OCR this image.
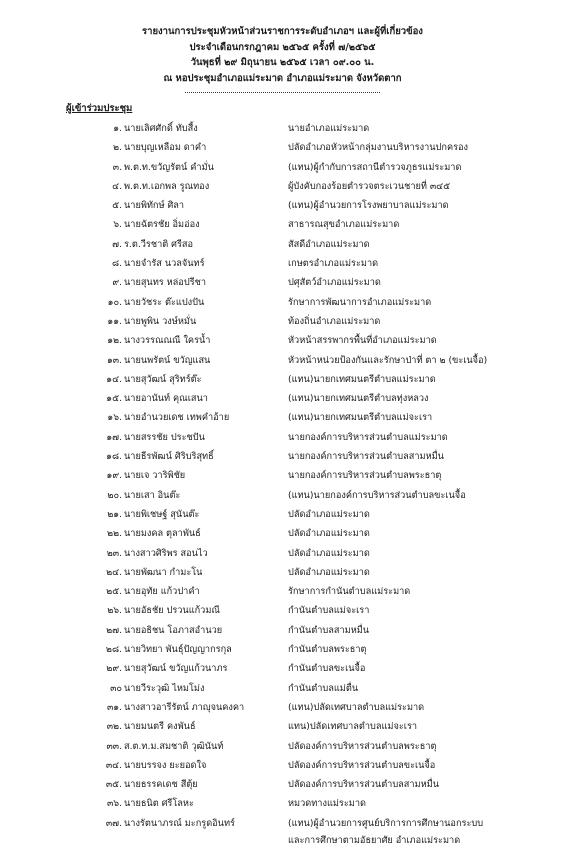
รายงานการประชุมหัวหน้าส่วนราชการระดับอำเภอฯ และผู้ที่เกี่ยวข้อง
ประจำเดือนกรกฎาคม ๒๕๖๕ ครั้งที่ ๗/๒๕๖๕
วันพุธที่ ๒๙ มิถุนายน ๒๕๖๕ เวลา ๐๙.๐๐ น.
ณ หอประชุมอำเภอแม่ระมาด อำเภอแม่ระมาด จังหวัดตาก
ผู้เข้าร่วมประชุม
๑. นายเลิศศักดิ์ ทับสี้ง	นายอำเภอแม่ระมาด
๒. นายบุญเหลือม ดาคำ	ปลัดอำเภอหัวหน้ากลุ่มงานบริหารงานปกครอง
๓. พ.ต.ท.ขวัญรัตน์ คำมั่น	(แทน)ผู้กำกับการสถานีตำรวจภูธรแม่ระมาด
๔. พ.ต.ท.เอกพล รูณทอง	ผู้บังคับกองร้อยตำรวจตระเวนชายที่ ๓๔๕
๕. นายพิทักษ์ ศิลา	(แทน)ผู้อำนวยการโรงพยาบาลแม่ระมาด
๖. นายฉัตรชัย อิ่มอ่อง	สาธารณสุขอำเภอแม่ระมาด
๗. ร.ต.วีรชาติ ศรีสอ	สัสดีอำเภอแม่ระมาด
๘. นายจำรัส นวลจันทร์	เกษตรอำเภอแม่ระมาด
๙. นายสุนทร หล่อปรีชา	ปศุสัตว์อำเภอแม่ระมาด
๑๐. นายวัชระ ต๊ะแปงปัน	รักษาการพัฒนาการอำเภอแม่ระมาด
๑๑. นายพูพิน วงษ์หมั่น	ท้องถิ่นอำเภอแม่ระมาด
๑๒. นางวรรณณณี ใครน้ำ	หัวหน้าสรรพากรพื้นที่อำเภอแม่ระมาด
๑๓. นายนพรัตน์ ขวัญแสน	หัวหน้าหน่วยป้องกันและรักษาป่าที่ ตา ๒ (ขะเนจื้อ)
๑๔. นายสุวัฒน์ สุริทร์ต๊ะ	(แทน)นายกเทศมนตรีตำบลแม่ระมาด
๑๕. นายอานันท์ คุณเสนา	(แทน)นายกเทศมนตรีตำบลทุ่งหลวง
๑๖. นายอำนวยเดช เทพคำอ้าย	(แทน)นายกเทศมนตรีตำบลแม่จะเรา
๑๗. นายสรรชัย ประชปัน	นายกองค์การบริหารส่วนตำบลแม่ระมาด
๑๘. นายธีรพัฒน์ ศิริบริสุทธิ์	นายกองค์การบริหารส่วนตำบลสามหมื่น
๑๙. นายเจ วาริพิชัย	นายกองค์การบริหารส่วนตำบลพระธาตุ
๒๐. นายเสา อินต๊ะ	(แทน)นายกองค์การบริหารส่วนตำบลขะเนจื้อ
๒๑. นายพิเชษฐ์ สุนันต๊ะ	ปลัดอำเภอแม่ระมาด
๒๒. นายมงคล ตุลาพันธ์	ปลัดอำเภอแม่ระมาด
๒๓. นางสาวศิริพร สอนไว	ปลัดอำเภอแม่ระมาด
๒๔. นายพัฒนา กำมะโน	ปลัดอำเภอแม่ระมาด
๒๕. นายอุทัย แก้วปาคำ	รักษาการกำนันตำบลแม่ระมาด
๒๖. นายอัธชัย ปรวนแก้วมณี	กำนันตำบลแม่จะเรา
๒๗. นายอธิชน โอภาสอำนวย	กำนันตำบลสามหมื่น
๒๘. นายวิทยา พันธุ์ปัญญากรกุล	กำนันตำบลพระธาตุ
๒๙. นายสุวัฒน์ ขวัญแก้วนาภร	กำนันตำบลขะเนจื้อ
๓๐ นายวีระวุฒิ ไหมโม่ง	กำนันตำบลแม่ตื่น
๓๑. นางสาวอารีรัตน์ ภาญุจนคงคา	(แทน)ปลัดเทศบาลตำบลแม่ระมาด
๓๒. นายมนตรี คงพันธ์	แทน)ปลัดเทศบาลตำบลแม่จะเรา
๓๓. ส.ต.ท.ม.สมชาติ วุฒินันท์	ปลัดองค์การบริหารส่วนตำบลพระธาตุ
๓๔. นายบรรจง ยะยอดใจ	ปลัดองค์การบริหารส่วนตำบลขะเนจื้อ
๓๕. นายธรรคเดช สีตุ้ย	ปลัดองค์การบริหารส่วนตำบลสามหมื่น
๓๖. นายธนิต ศรีโลหะ	หมวดทางแม่ระมาด
๓๗. นางรัตนาภรณ์ มะกรูดอินทร์	(แทน)ผู้อำนวยการศูนย์บริการการศึกษานอกระบบ
และการศึกษาตามอัธยาศัย อำเภอแม่ระมาด
